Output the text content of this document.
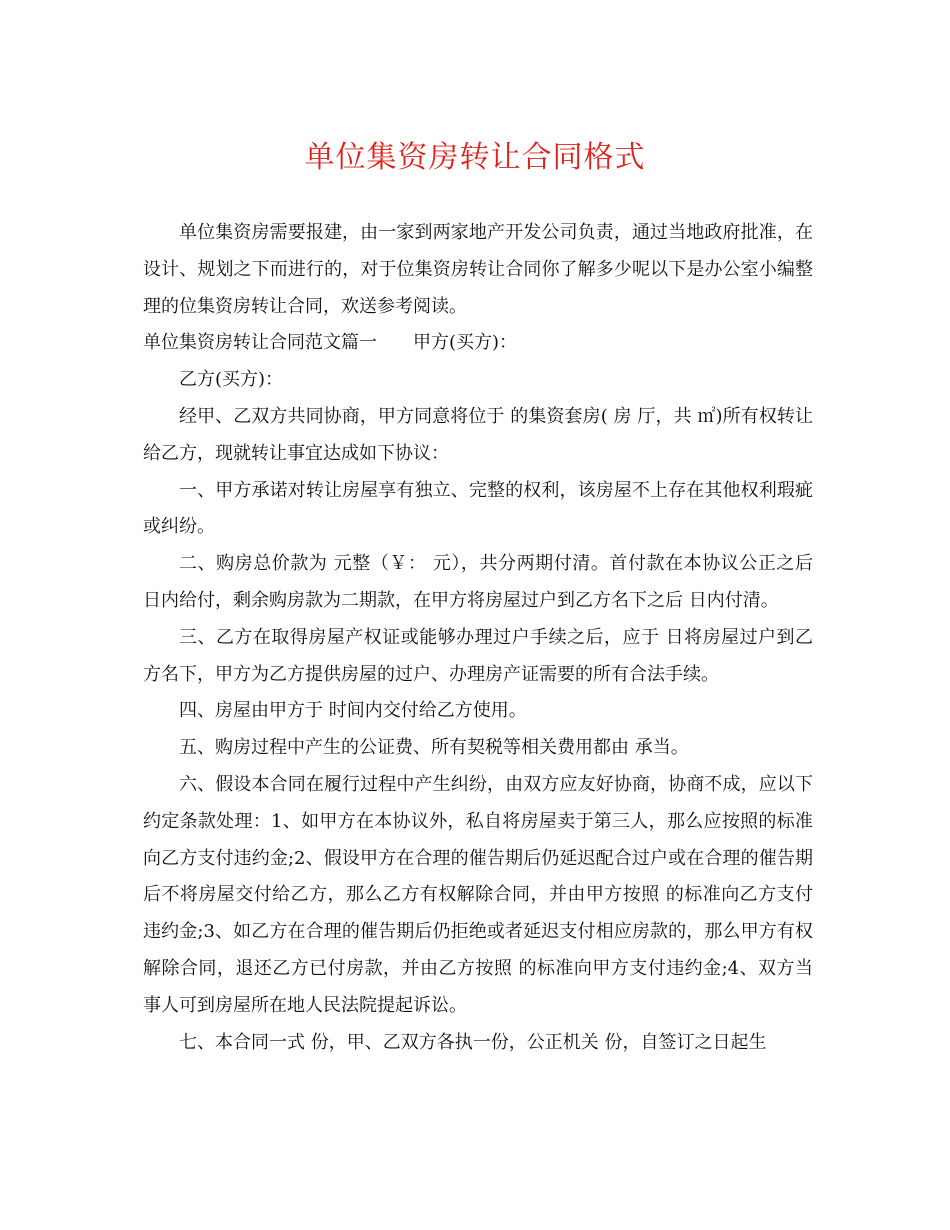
单位集资房转让合同格式

单位集资房需要报建，由一家到两家地产开发公司负责，通过当地政府批准，在设计、规划之下而进行的，对于位集资房转让合同你了解多少呢以下是办公室小编整理的位集资房转让合同，欢送参考阅读。

单位集资房转让合同范文篇一　　甲方(买方)：

乙方(买方)：

经甲、乙双方共同协商，甲方同意将位于 的集资套房( 房 厅，共 ㎡)所有权转让给乙方，现就转让事宜达成如下协议：

一、甲方承诺对转让房屋享有独立、完整的权利，该房屋不上存在其他权利瑕疵或纠纷。

二、购房总价款为 元整（￥： 元），共分两期付清。首付款在本协议公正之后 日内给付，剩余购房款为二期款，在甲方将房屋过户到乙方名下之后 日内付清。

三、乙方在取得房屋产权证或能够办理过户手续之后，应于 日将房屋过户到乙方名下，甲方为乙方提供房屋的过户、办理房产证需要的所有合法手续。

四、房屋由甲方于 时间内交付给乙方使用。

五、购房过程中产生的公证费、所有契税等相关费用都由 承当。

六、假设本合同在履行过程中产生纠纷，由双方应友好协商，协商不成，应以下约定条款处理：1、如甲方在本协议外，私自将房屋卖于第三人，那么应按照的标准向乙方支付违约金;2、假设甲方在合理的催告期后仍延迟配合过户或在合理的催告期后不将房屋交付给乙方，那么乙方有权解除合同，并由甲方按照 的标准向乙方支付违约金;3、如乙方在合理的催告期后仍拒绝或者延迟支付相应房款的，那么甲方有权解除合同，退还乙方已付房款，并由乙方按照 的标准向甲方支付违约金;4、双方当事人可到房屋所在地人民法院提起诉讼。

七、本合同一式 份，甲、乙双方各执一份，公正机关 份，自签订之日起生
